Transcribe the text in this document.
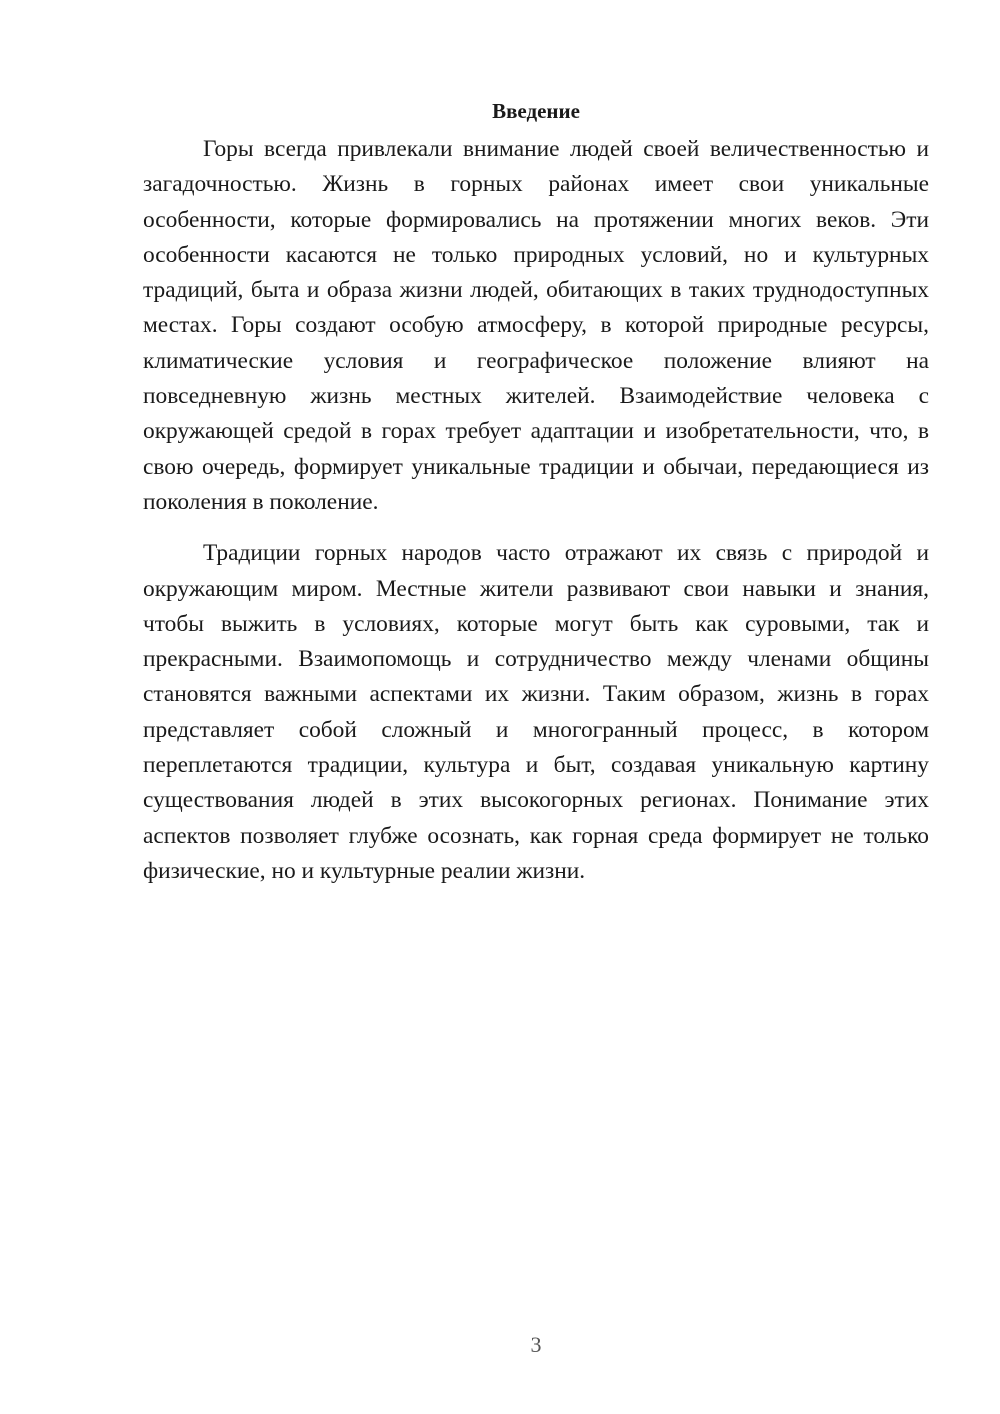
Введение

Горы всегда привлекали внимание людей своей величественностью и загадочностью. Жизнь в горных районах имеет свои уникальные особенности, которые формировались на протяжении многих веков. Эти особенности касаются не только природных условий, но и культурных традиций, быта и образа жизни людей, обитающих в таких труднодоступных местах. Горы создают особую атмосферу, в которой природные ресурсы, климатические условия и географическое положение влияют на повседневную жизнь местных жителей. Взаимодействие человека с окружающей средой в горах требует адаптации и изобретательности, что, в свою очередь, формирует уникальные традиции и обычаи, передающиеся из поколения в поколение.

Традиции горных народов часто отражают их связь с природой и окружающим миром. Местные жители развивают свои навыки и знания, чтобы выжить в условиях, которые могут быть как суровыми, так и прекрасными. Взаимопомощь и сотрудничество между членами общины становятся важными аспектами их жизни. Таким образом, жизнь в горах представляет собой сложный и многогранный процесс, в котором переплетаются традиции, культура и быт, создавая уникальную картину существования людей в этих высокогорных регионах. Понимание этих аспектов позволяет глубже осознать, как горная среда формирует не только физические, но и культурные реалии жизни.

3
